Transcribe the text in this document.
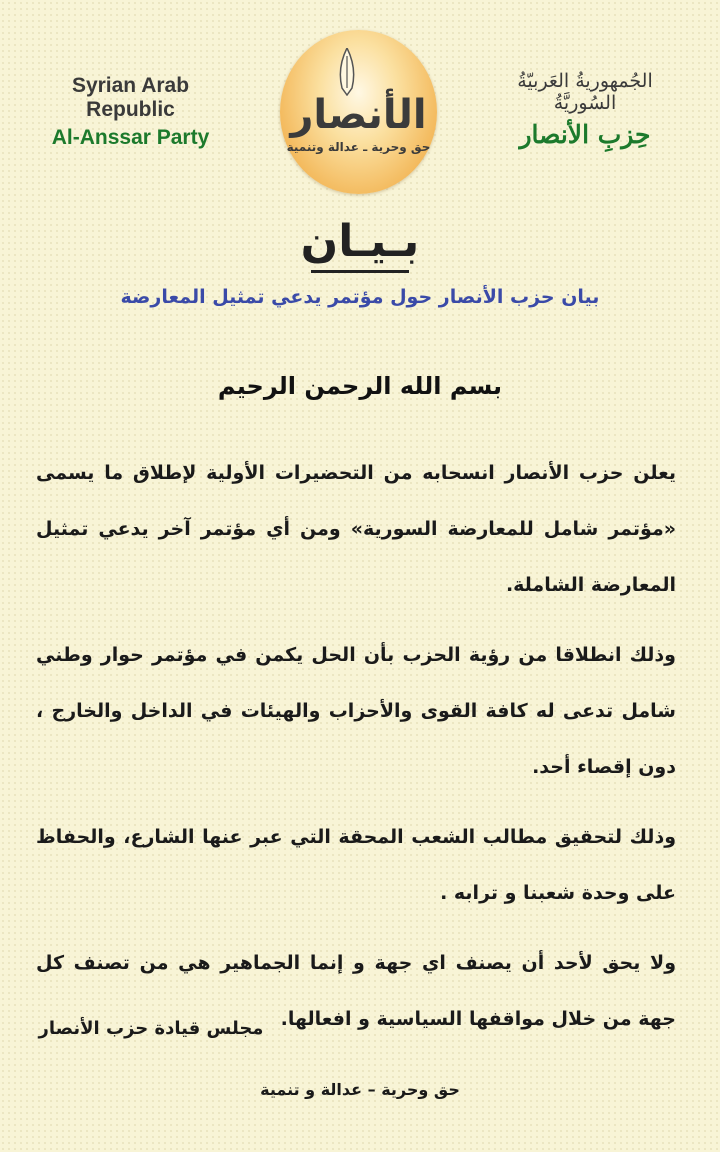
Syrian Arab Republic
Al-Anssar Party	الأنصار
حق وحرية ـ عدالة وتنمية
الجُمهوريةُ العَربيّةُ السُوريَّةُ
حِزبِ الأنصار
بـيـان
بيان حزب الأنصار حول مؤتمر يدعي تمثيل المعارضة
بسم الله الرحمن الرحيم

يعلن حزب الأنصار انسحابه من التحضيرات الأولية لإطلاق ما يسمى «مؤتمر شامل للمعارضة السورية» ومن أي مؤتمر آخر يدعي تمثيل المعارضة الشاملة.

وذلك انطلاقا من رؤية الحزب بأن الحل يكمن في مؤتمر حوار وطني شامل تدعى له كافة القوى والأحزاب والهيئات في الداخل والخارج ، دون إقصاء أحد.

وذلك لتحقيق مطالب الشعب المحقة التي عبر عنها الشارع، والحفاظ على وحدة شعبنا و ترابه .

ولا يحق لأحد أن يصنف اي جهة و إنما الجماهير هي من تصنف كل جهة من خلال مواقفها السياسية و افعالها.

مجلس قيادة حزب الأنصار
حق وحرية – عدالة و تنمية
